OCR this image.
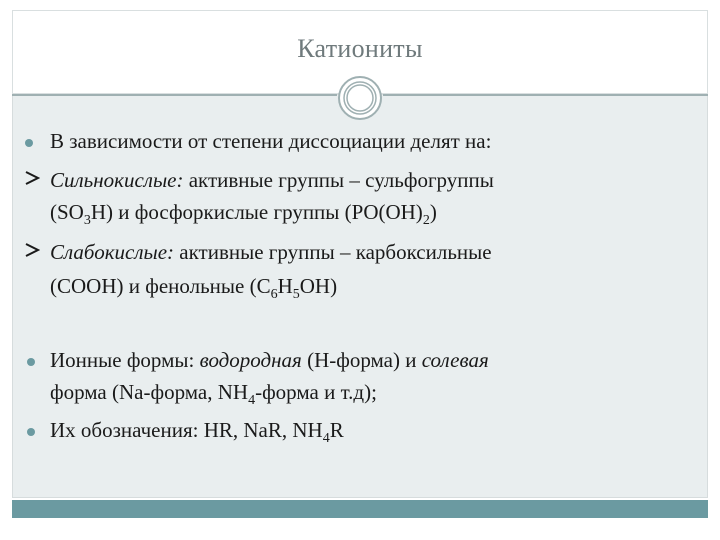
Катиониты
В зависимости от степени диссоциации делят на:
Сильнокислые: активные группы – сульфогруппы
$(SO_3H)$ и фосфоркислые группы $(PO(OH)_2)$
Слабокислые: активные группы – карбоксильные
(COOH) и фенольные $(C_6H_5OH)$
Ионные формы: водородная (H-форма) и солевая
форма (Na-форма, $NH_4$-форма и т.д);
Их обозначения: HR, NaR, $NH_4R$
